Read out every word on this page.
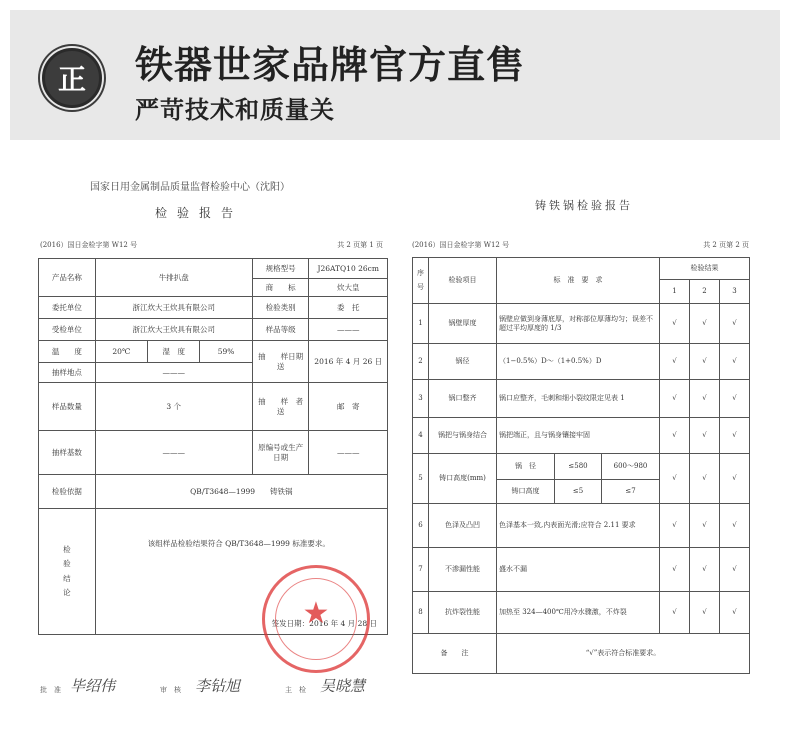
正	铁器世家品牌官方直售
严苛技术和质量关
国家日用金属制品质量监督检验中心（沈阳）
检验报告
(2016）国日金检字第 W12 号	共 2 页第 1 页
产品名称	牛排扒盘			规格型号	J26ATQ10 26cm
				商　　标	炊大皇
委托单位	浙江炊大王炊具有限公司			检验类别	委　托
受检单位	浙江炊大王炊具有限公司			样品等级	———
温　　度	20℃	湿　度	59%	抽　　样日期送	2016 年 4 月 26 日
抽样地点	———				
样品数量	3 个			抽　　样　者送	邮　寄
抽样基数	———			原编号或生产日期	———
检验依据	QB/T3648—1999　　铸铁锅				
检验结论	该组样品检验结果符合 QB/T3648—1999 标准要求。
签发日期：2016 年 4 月 28 日				
★
批　准 毕绍伟	审　核 李钻旭	主　检 吴晓慧
铸铁锅检验报告
(2016）国日金检字第 W12 号	共 2 页第 2 页
序号	检验项目	标　准　要　求			检验结果		
					1	2	3
1	锅壁厚度	锅壁应做到身薄底厚，对称部位厚薄均匀；误差不超过平均厚度的 1/3			√	√	√
2	锅径	（1−0.5%）D～（1+0.5%）D			√	√	√
3	锅口整齐	锅口应整齐，毛刺和细小裂纹限定见表 1			√	√	√
4	锅把与锅身结合	锅把端正，且与锅身镶接牢固			√	√	√
5	铸口高度(mm)	锅　径	≤580	600～980	√	√	√
		铸口高度	≤5	≤7			
6	色泽及凸凹	色泽基本一致,内表面光滑;应符合 2.11 要求			√	√	√
7	不渗漏性能	盛水不漏			√	√	√
8	抗炸裂性能	加热至 324—400℃用冷水骤激，不炸裂			√	√	√
备　　注		“√”表示符合标准要求。					
